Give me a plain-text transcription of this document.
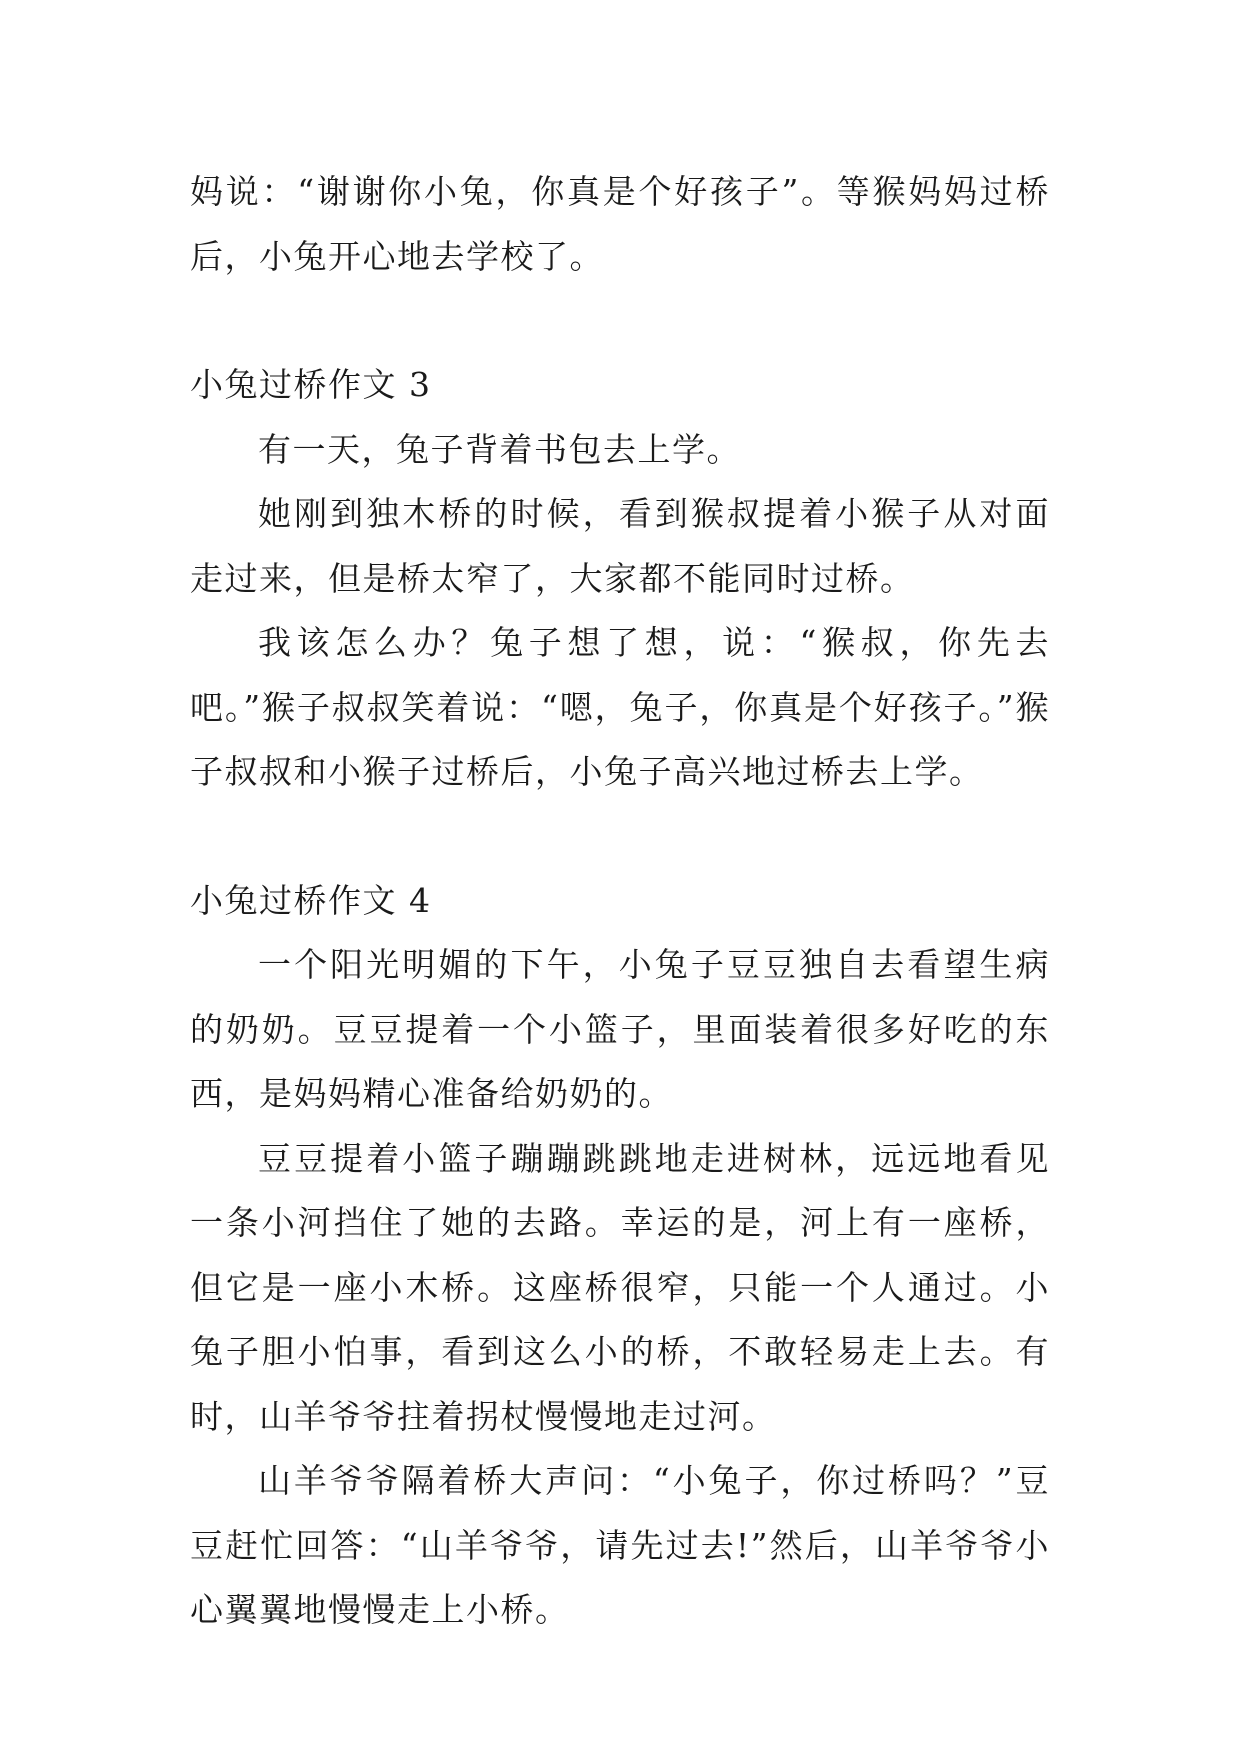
妈说：“谢谢你小兔，你真是个好孩子”。等猴妈妈过桥后，小兔开心地去学校了。

小兔过桥作文 3

有一天，兔子背着书包去上学。

她刚到独木桥的时候，看到猴叔提着小猴子从对面走过来，但是桥太窄了，大家都不能同时过桥。

我该怎么办？兔子想了想，说：“猴叔，你先去吧。”猴子叔叔笑着说：“嗯，兔子，你真是个好孩子。”猴子叔叔和小猴子过桥后，小兔子高兴地过桥去上学。

小兔过桥作文 4

一个阳光明媚的下午，小兔子豆豆独自去看望生病的奶奶。豆豆提着一个小篮子，里面装着很多好吃的东西，是妈妈精心准备给奶奶的。

豆豆提着小篮子蹦蹦跳跳地走进树林，远远地看见一条小河挡住了她的去路。幸运的是，河上有一座桥，但它是一座小木桥。这座桥很窄，只能一个人通过。小兔子胆小怕事，看到这么小的桥，不敢轻易走上去。有时，山羊爷爷拄着拐杖慢慢地走过河。

山羊爷爷隔着桥大声问：“小兔子，你过桥吗？”豆豆赶忙回答：“山羊爷爷，请先过去!”然后，山羊爷爷小心翼翼地慢慢走上小桥。
